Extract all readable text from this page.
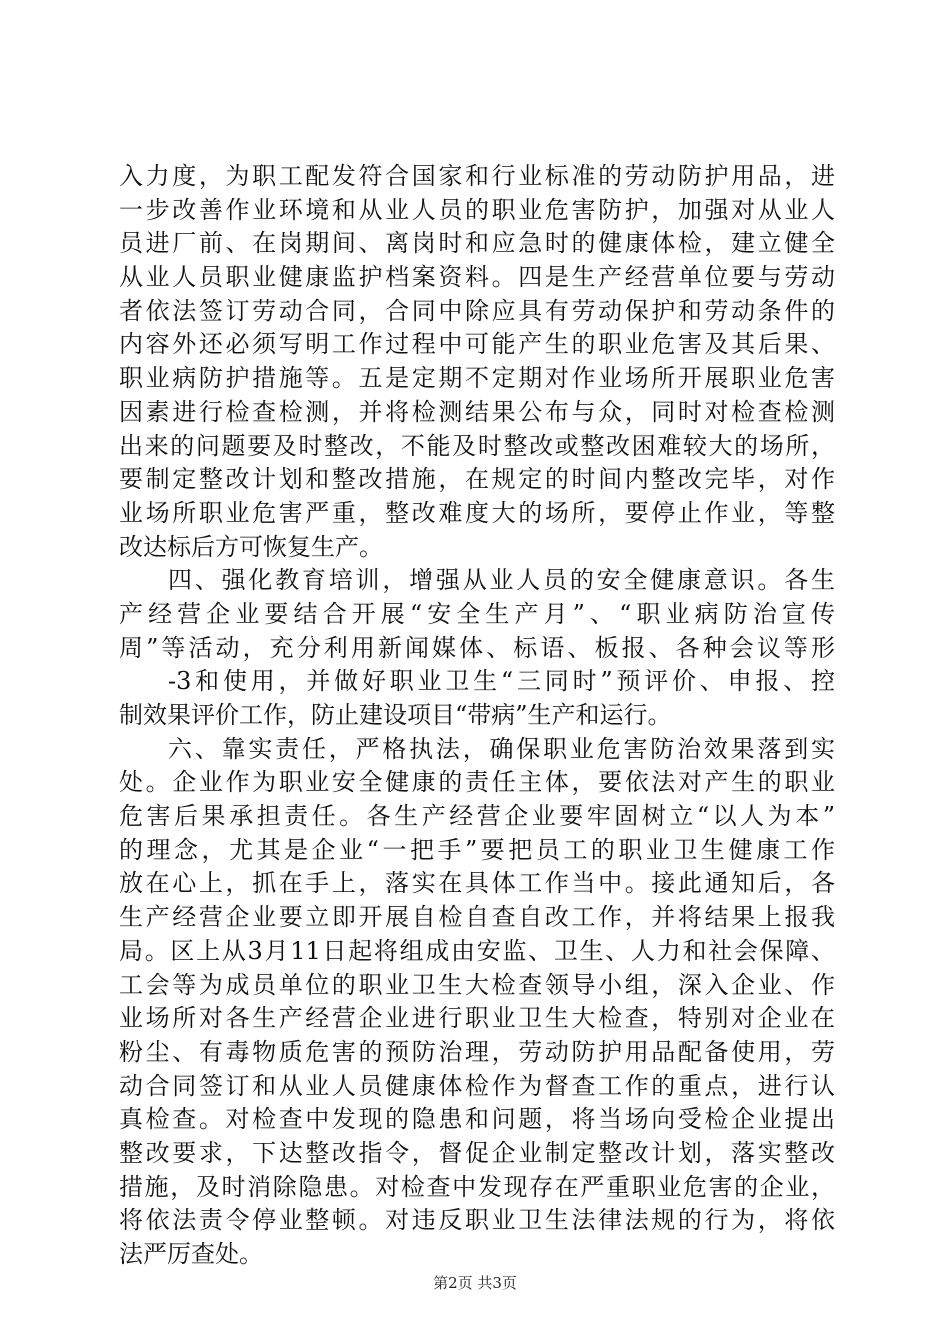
入力度，为职工配发符合国家和行业标准的劳动防护用品，进
一步改善作业环境和从业人员的职业危害防护，加强对从业人
员进厂前、在岗期间、离岗时和应急时的健康体检，建立健全
从业人员职业健康监护档案资料。四是生产经营单位要与劳动
者依法签订劳动合同，合同中除应具有劳动保护和劳动条件的
内容外还必须写明工作过程中可能产生的职业危害及其后果、
职业病防护措施等。五是定期不定期对作业场所开展职业危害
因素进行检查检测，并将检测结果公布与众，同时对检查检测
出来的问题要及时整改，不能及时整改或整改困难较大的场所，
要制定整改计划和整改措施，在规定的时间内整改完毕，对作
业场所职业危害严重，整改难度大的场所，要停止作业，等整
改达标后方可恢复生产。
四、强化教育培训，增强从业人员的安全健康意识。各生
产经营企业要结合开展“安全生产月”、“职业病防治宣传
周”等活动，充分利用新闻媒体、标语、板报、各种会议等形
-3和使用，并做好职业卫生“三同时”预评价、申报、控
制效果评价工作，防止建设项目“带病”生产和运行。
六、靠实责任，严格执法，确保职业危害防治效果落到实
处。企业作为职业安全健康的责任主体，要依法对产生的职业
危害后果承担责任。各生产经营企业要牢固树立“以人为本”
的理念，尤其是企业“一把手”要把员工的职业卫生健康工作
放在心上，抓在手上，落实在具体工作当中。接此通知后，各
生产经营企业要立即开展自检自查自改工作，并将结果上报我
局。区上从3月11日起将组成由安监、卫生、人力和社会保障、
工会等为成员单位的职业卫生大检查领导小组，深入企业、作
业场所对各生产经营企业进行职业卫生大检查，特别对企业在
粉尘、有毒物质危害的预防治理，劳动防护用品配备使用，劳
动合同签订和从业人员健康体检作为督查工作的重点，进行认
真检查。对检查中发现的隐患和问题，将当场向受检企业提出
整改要求，下达整改指令，督促企业制定整改计划，落实整改
措施，及时消除隐患。对检查中发现存在严重职业危害的企业，
将依法责令停业整顿。对违反职业卫生法律法规的行为，将依
法严厉查处。
第2页 共3页
